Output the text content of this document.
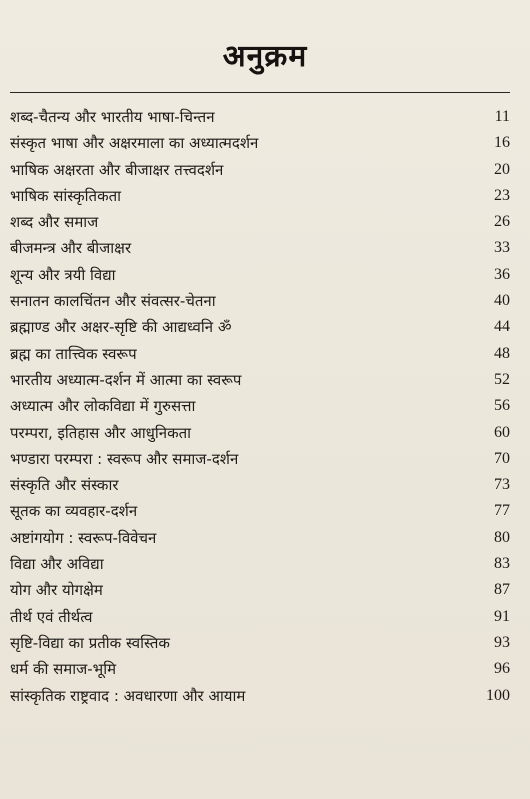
अनुक्रम
शब्द-चैतन्य और भारतीय भाषा-चिन्तन	11
संस्कृत भाषा और अक्षरमाला का अध्यात्मदर्शन	16
भाषिक अक्षरता और बीजाक्षर तत्त्वदर्शन	20
भाषिक सांस्कृतिकता	23
शब्द और समाज	26
बीजमन्त्र और बीजाक्षर	33
शून्य और त्रयी विद्या	36
सनातन कालचिंतन और संवत्सर-चेतना	40
ब्रह्माण्ड और अक्षर-सृष्टि की आद्यध्वनि ॐ	44
ब्रह्म का तात्त्विक स्वरूप	48
भारतीय अध्यात्म-दर्शन में आत्मा का स्वरूप	52
अध्यात्म और लोकविद्या में गुरुसत्ता	56
परम्परा, इतिहास और आधुनिकता	60
भण्डारा परम्परा : स्वरूप और समाज-दर्शन	70
संस्कृति और संस्कार	73
सूतक का व्यवहार-दर्शन	77
अष्टांगयोग : स्वरूप-विवेचन	80
विद्या और अविद्या	83
योग और योगक्षेम	87
तीर्थ एवं तीर्थत्व	91
सृष्टि-विद्या का प्रतीक स्वस्तिक	93
धर्म की समाज-भूमि	96
सांस्कृतिक राष्ट्रवाद : अवधारणा और आयाम	100
